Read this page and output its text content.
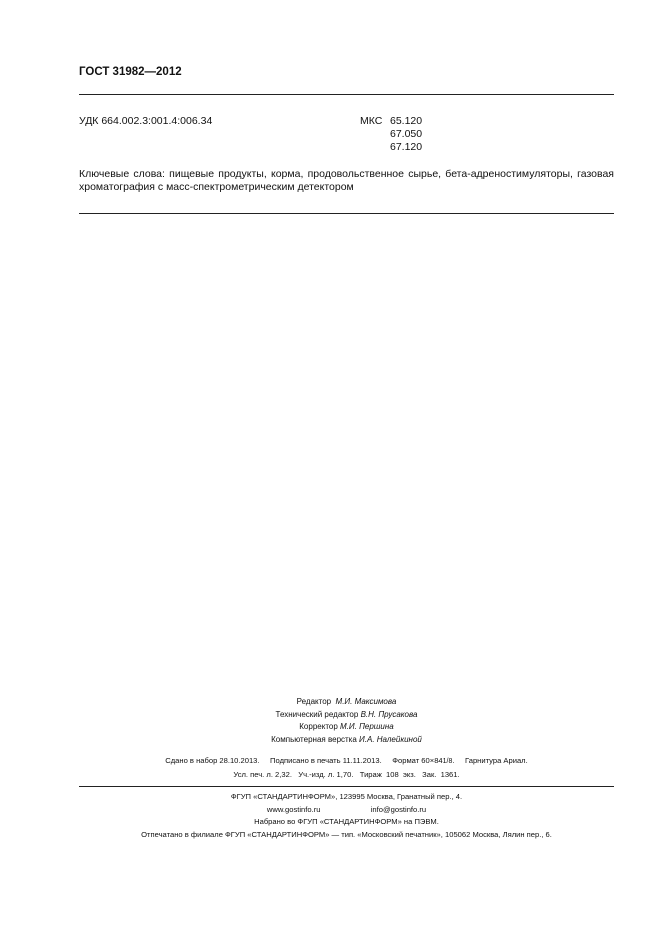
ГОСТ 31982—2012
УДК 664.002.3:001.4:006.34	МКС 65.120
67.050
67.120
Ключевые слова: пищевые продукты, корма, продовольственное сырье, бета-адреностимуляторы, газовая хроматография с масс-спектрометрическим детектором
Редактор М.И. Максимова
Технический редактор В.Н. Прусакова
Корректор М.И. Першина
Компьютерная верстка И.А. Налейкиной
Сдано в набор 28.10.2013.     Подписано в печать 11.11.2013.     Формат 60×841/8.     Гарнитура Ариал.
Усл. печ. л. 2,32.   Уч.-изд. л. 1,70.   Тираж  108  экз.   Зак.  1361.
ФГУП «СТАНДАРТИНФОРМ», 123995 Москва, Гранатный пер., 4.
www.gostinfo.ru	info@gostinfo.ru
Набрано во ФГУП «СТАНДАРТИНФОРМ» на ПЭВМ.
Отпечатано в филиале ФГУП «СТАНДАРТИНФОРМ» — тип. «Московский печатник», 105062 Москва, Лялин пер., 6.
